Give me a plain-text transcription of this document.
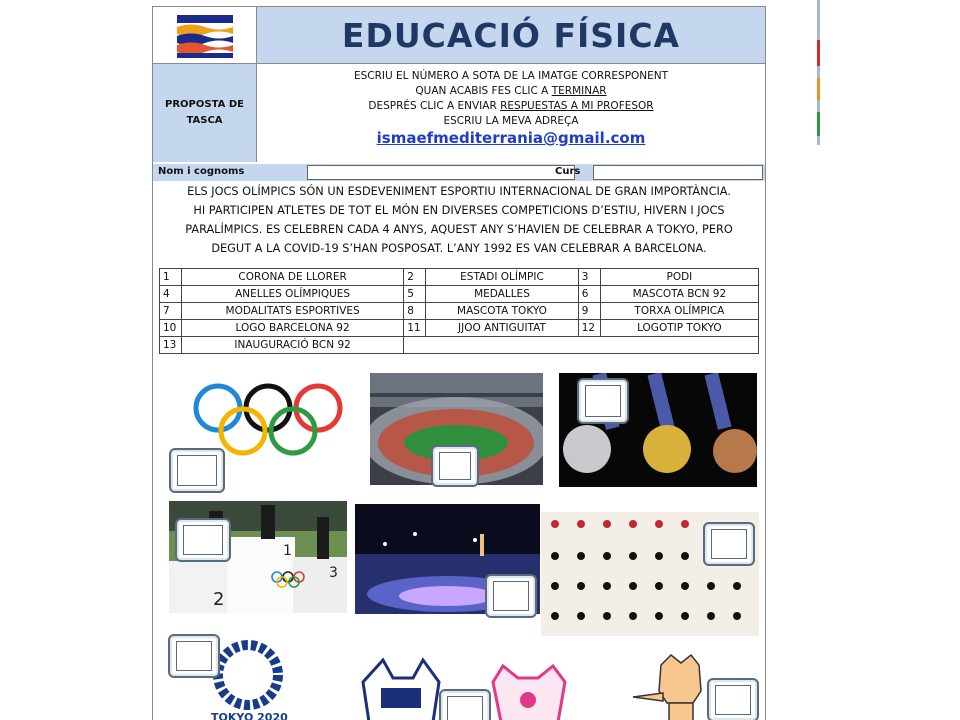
EDUCACIÓ FÍSICA
PROPOSTA DE
TASCA
ESCRIU EL NÚMERO A SOTA DE LA IMATGE CORRESPONENT
QUAN ACABIS FES CLIC A TERMINAR
DESPRÉS CLIC A ENVIAR RESPUESTAS A MI PROFESOR
ESCRIU LA MEVA ADREÇA
ismaefmediterrania@gmail.com
Nom i cognoms	Curs
ELS JOCS OLÍMPICS SÓN UN ESDEVENIMENT ESPORTIU INTERNACIONAL DE GRAN IMPORTÀNCIA.
HI PARTICIPEN ATLETES DE TOT EL MÓN EN DIVERSES COMPETICIONS D’ESTIU, HIVERN I JOCS
PARALÍMPICS. ES CELEBREN CADA 4 ANYS, AQUEST ANY S’HAVIEN DE CELEBRAR A TOKYO, PERO
DEGUT A LA COVID-19 S’HAN POSPOSAT. L’ANY 1992 ES VAN CELEBRAR A BARCELONA.
1	CORONA DE LLORER	2	ESTADI OLÍMPIC	3	PODI
4	ANELLES OLÍMPIQUES	5	MEDALLES	6	MASCOTA BCN 92
7	MODALITATS ESPORTIVES	8	MASCOTA TOKYO	9	TORXA OLÍMPICA
10	LOGO BARCELONA 92	11	JJOO ANTIGUITAT	12	LOGOTIP TOKYO
13	INAUGURACIÓ BCN 92				
2
1
3
TOKYO 2020
